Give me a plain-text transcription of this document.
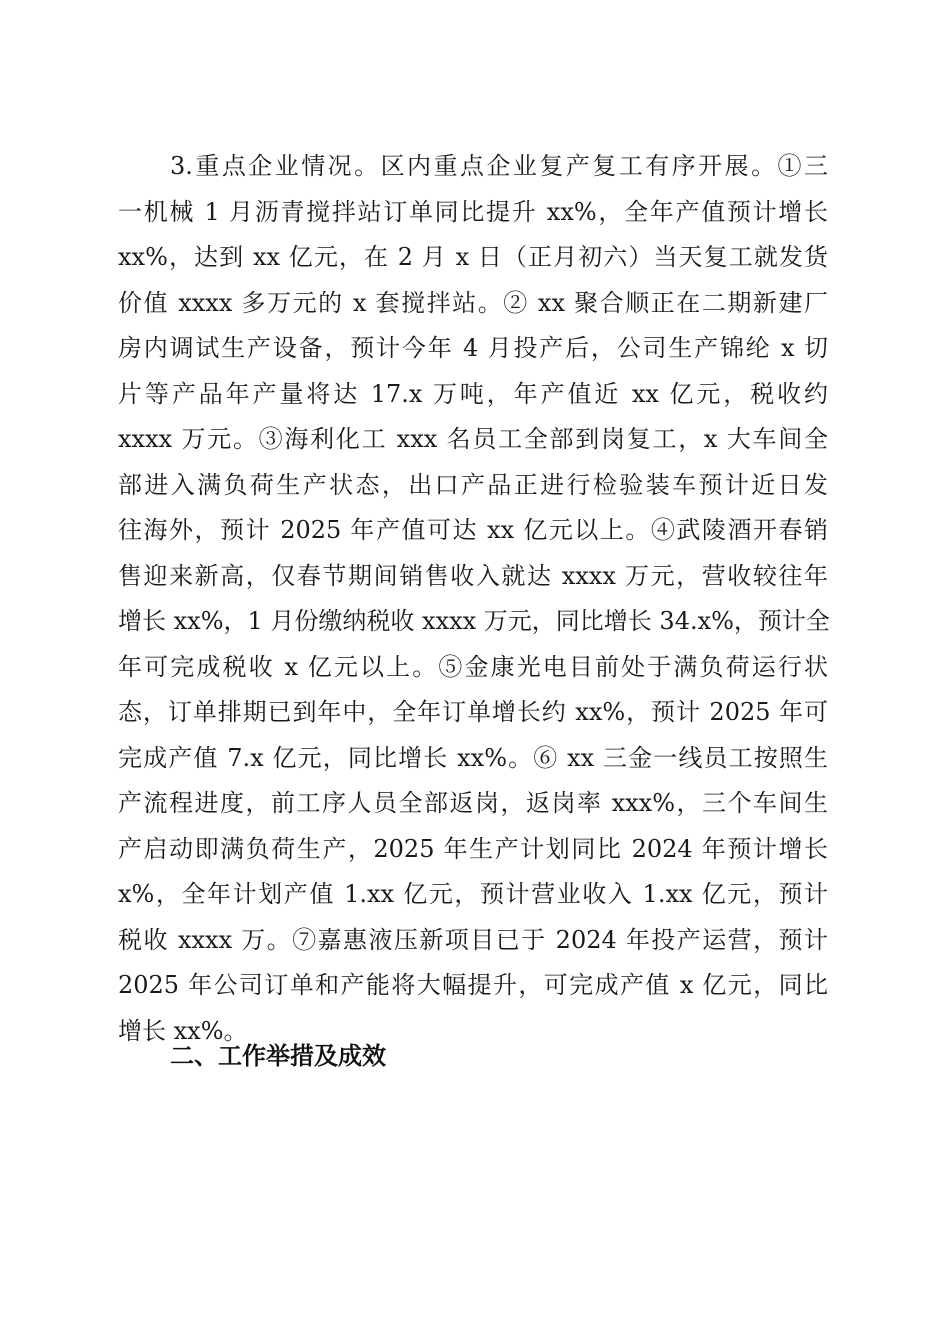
3.重点企业情况。区内重点企业复产复工有序开展。①三
一机械 1 月沥青搅拌站订单同比提升 xx%，全年产值预计增长
xx%，达到 xx 亿元，在 2 月 x 日（正月初六）当天复工就发货
价值 xxxx 多万元的 x 套搅拌站。② xx 聚合顺正在二期新建厂
房内调试生产设备，预计今年 4 月投产后，公司生产锦纶 x 切
片等产品年产量将达 17.x 万吨，年产值近 xx 亿元，税收约
xxxx 万元。③海利化工 xxx 名员工全部到岗复工，x 大车间全
部进入满负荷生产状态，出口产品正进行检验装车预计近日发
往海外，预计 2025 年产值可达 xx 亿元以上。④武陵酒开春销
售迎来新高，仅春节期间销售收入就达 xxxx 万元，营收较往年
增长 xx%，1 月份缴纳税收 xxxx 万元，同比增长 34.x%，预计全
年可完成税收 x 亿元以上。⑤金康光电目前处于满负荷运行状
态，订单排期已到年中，全年订单增长约 xx%，预计 2025 年可
完成产值 7.x 亿元，同比增长 xx%。⑥ xx 三金一线员工按照生
产流程进度，前工序人员全部返岗，返岗率 xxx%，三个车间生
产启动即满负荷生产，2025 年生产计划同比 2024 年预计增长
x%，全年计划产值 1.xx 亿元，预计营业收入 1.xx 亿元，预计
税收 xxxx 万。⑦嘉惠液压新项目已于 2024 年投产运营，预计
2025 年公司订单和产能将大幅提升，可完成产值 x 亿元，同比
增长 xx%。
二、工作举措及成效
